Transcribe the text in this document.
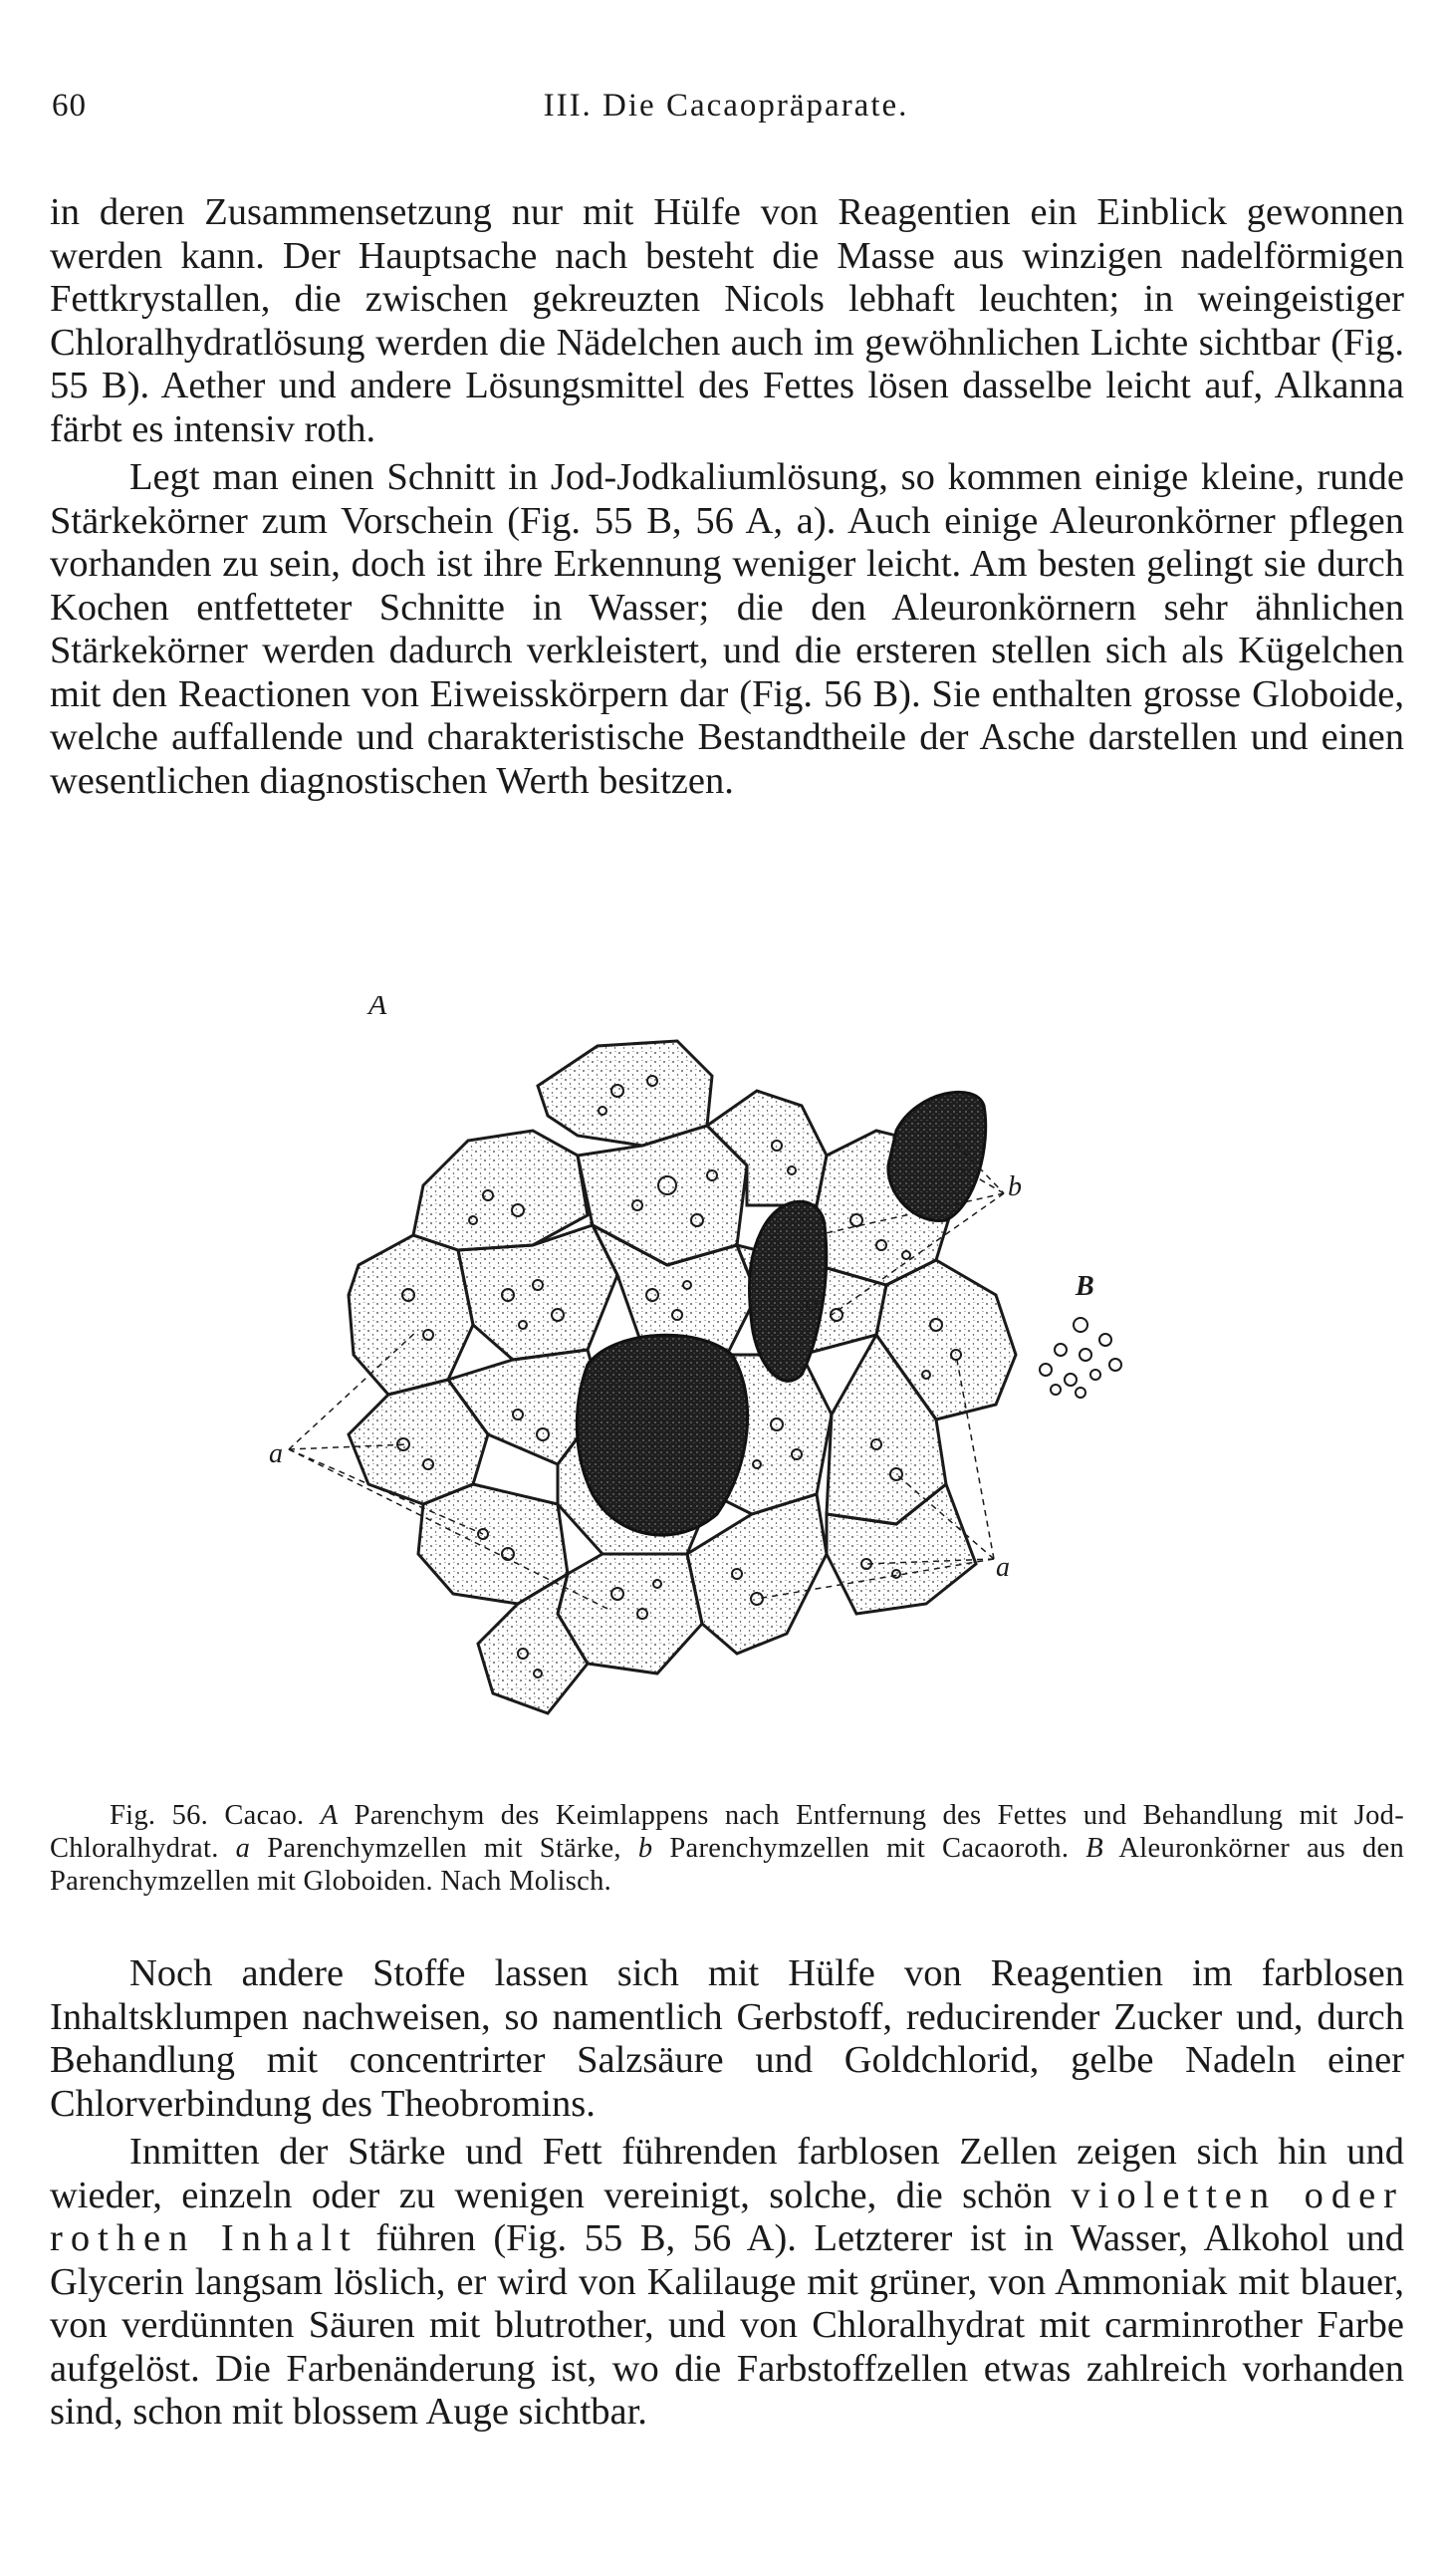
60	III. Die Cacaopräparate.

in deren Zusammensetzung nur mit Hülfe von Reagentien ein Einblick gewonnen werden kann. Der Hauptsache nach besteht die Masse aus winzigen nadelförmigen Fettkrystallen, die zwischen gekreuzten Nicols lebhaft leuchten; in weingeistiger Chloralhydratlösung werden die Nädelchen auch im gewöhnlichen Lichte sichtbar (Fig. 55 B). Aether und andere Lösungsmittel des Fettes lösen dasselbe leicht auf, Alkanna färbt es intensiv roth.

Legt man einen Schnitt in Jod-Jodkaliumlösung, so kommen einige kleine, runde Stärkekörner zum Vorschein (Fig. 55 B, 56 A, a). Auch einige Aleuronkörner pflegen vorhanden zu sein, doch ist ihre Erkennung weniger leicht. Am besten gelingt sie durch Kochen entfetteter Schnitte in Wasser; die den Aleuronkörnern sehr ähnlichen Stärkekörner werden dadurch verkleistert, und die ersteren stellen sich als Kügelchen mit den Reactionen von Eiweisskörpern dar (Fig. 56 B). Sie enthalten grosse Globoide, welche auffallende und charakteristische Bestandtheile der Asche darstellen und einen wesentlichen diagnostischen Werth besitzen.

A
B
a
a
b

Fig. 56. Cacao. A Parenchym des Keimlappens nach Entfernung des Fettes und Behandlung mit Jod-Chloralhydrat. a Parenchymzellen mit Stärke, b Parenchymzellen mit Cacaoroth. B Aleuronkörner aus den Parenchymzellen mit Globoiden. Nach Molisch.

Noch andere Stoffe lassen sich mit Hülfe von Reagentien im farblosen Inhaltsklumpen nachweisen, so namentlich Gerbstoff, reducirender Zucker und, durch Behandlung mit concentrirter Salzsäure und Goldchlorid, gelbe Nadeln einer Chlorverbindung des Theobromins.

Inmitten der Stärke und Fett führenden farblosen Zellen zeigen sich hin und wieder, einzeln oder zu wenigen vereinigt, solche, die schön violetten oder rothen Inhalt führen (Fig. 55 B, 56 A). Letzterer ist in Wasser, Alkohol und Glycerin langsam löslich, er wird von Kalilauge mit grüner, von Ammoniak mit blauer, von verdünnten Säuren mit blutrother, und von Chloralhydrat mit carminrother Farbe aufgelöst. Die Farbenänderung ist, wo die Farbstoffzellen etwas zahlreich vorhanden sind, schon mit blossem Auge sichtbar.
